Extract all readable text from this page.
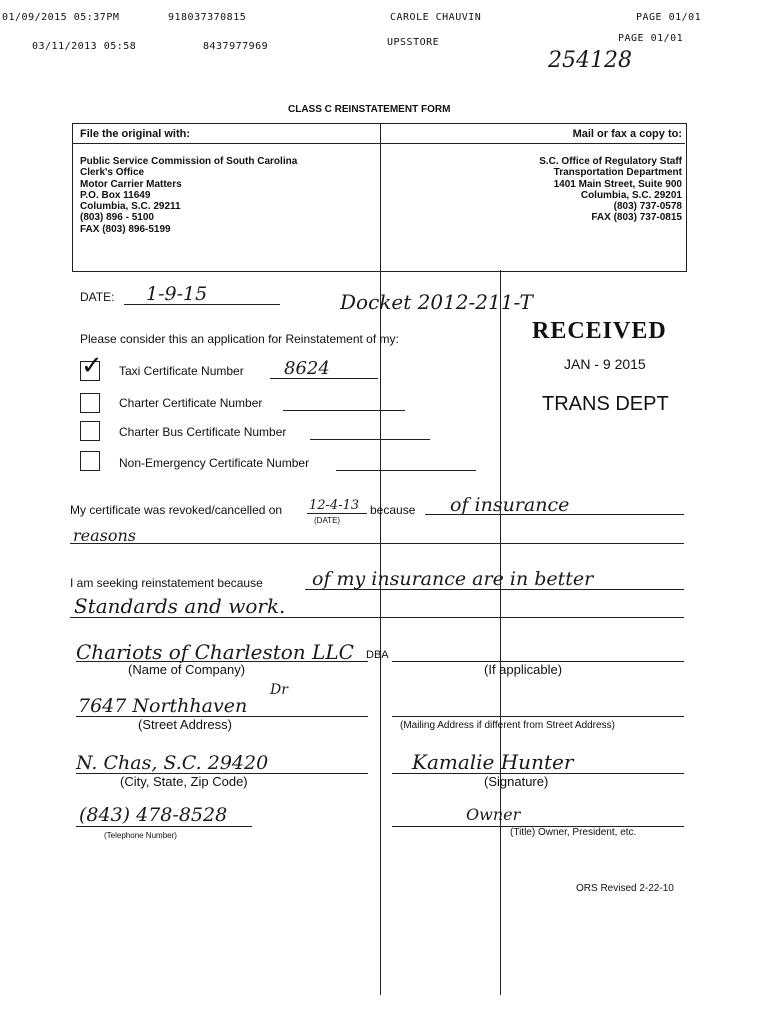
01/09/2015 05:37PM	918037370815	CAROLE CHAUVIN	PAGE 01/01
03/11/2013 05:58	8437977969	UPSSTORE	PAGE 01/01
254128
CLASS C REINSTATEMENT FORM
File the original with:	Mail or fax a copy to:
Public Service Commission of South Carolina
Clerk's Office
Motor Carrier Matters
P.O. Box 11649
Columbia, S.C. 29211
(803) 896 - 5100
FAX (803) 896-5199
S.C. Office of Regulatory Staff
Transportation Department
1401 Main Street, Suite 900
Columbia, S.C. 29201
(803) 737-0578
FAX (803) 737-0815
DATE: 1-9-15	Docket 2012-211-T
RECEIVED
JAN - 9 2015
TRANS DEPT
Please consider this an application for Reinstatement of my:
✓ Taxi Certificate Number 8624
Charter Certificate Number
Charter Bus Certificate Number
Non-Emergency Certificate Number
My certificate was revoked/cancelled on 12-4-13
(DATE)
because of insurance
reasons
I am seeking reinstatement because	of my insurance are in better
Standards and work.
Chariots of Charleston LLC DBA
(Name of Company)	(If applicable)
Dr
7647 Northhaven
(Street Address)	(Mailing Address if different from Street Address)
N. Chas, S.C. 29420	Kamalie Hunter
(City, State, Zip Code)	(Signature)
(843) 478-8528	Owner
(Telephone Number)	(Title) Owner, President, etc.
ORS Revised 2-22-10
